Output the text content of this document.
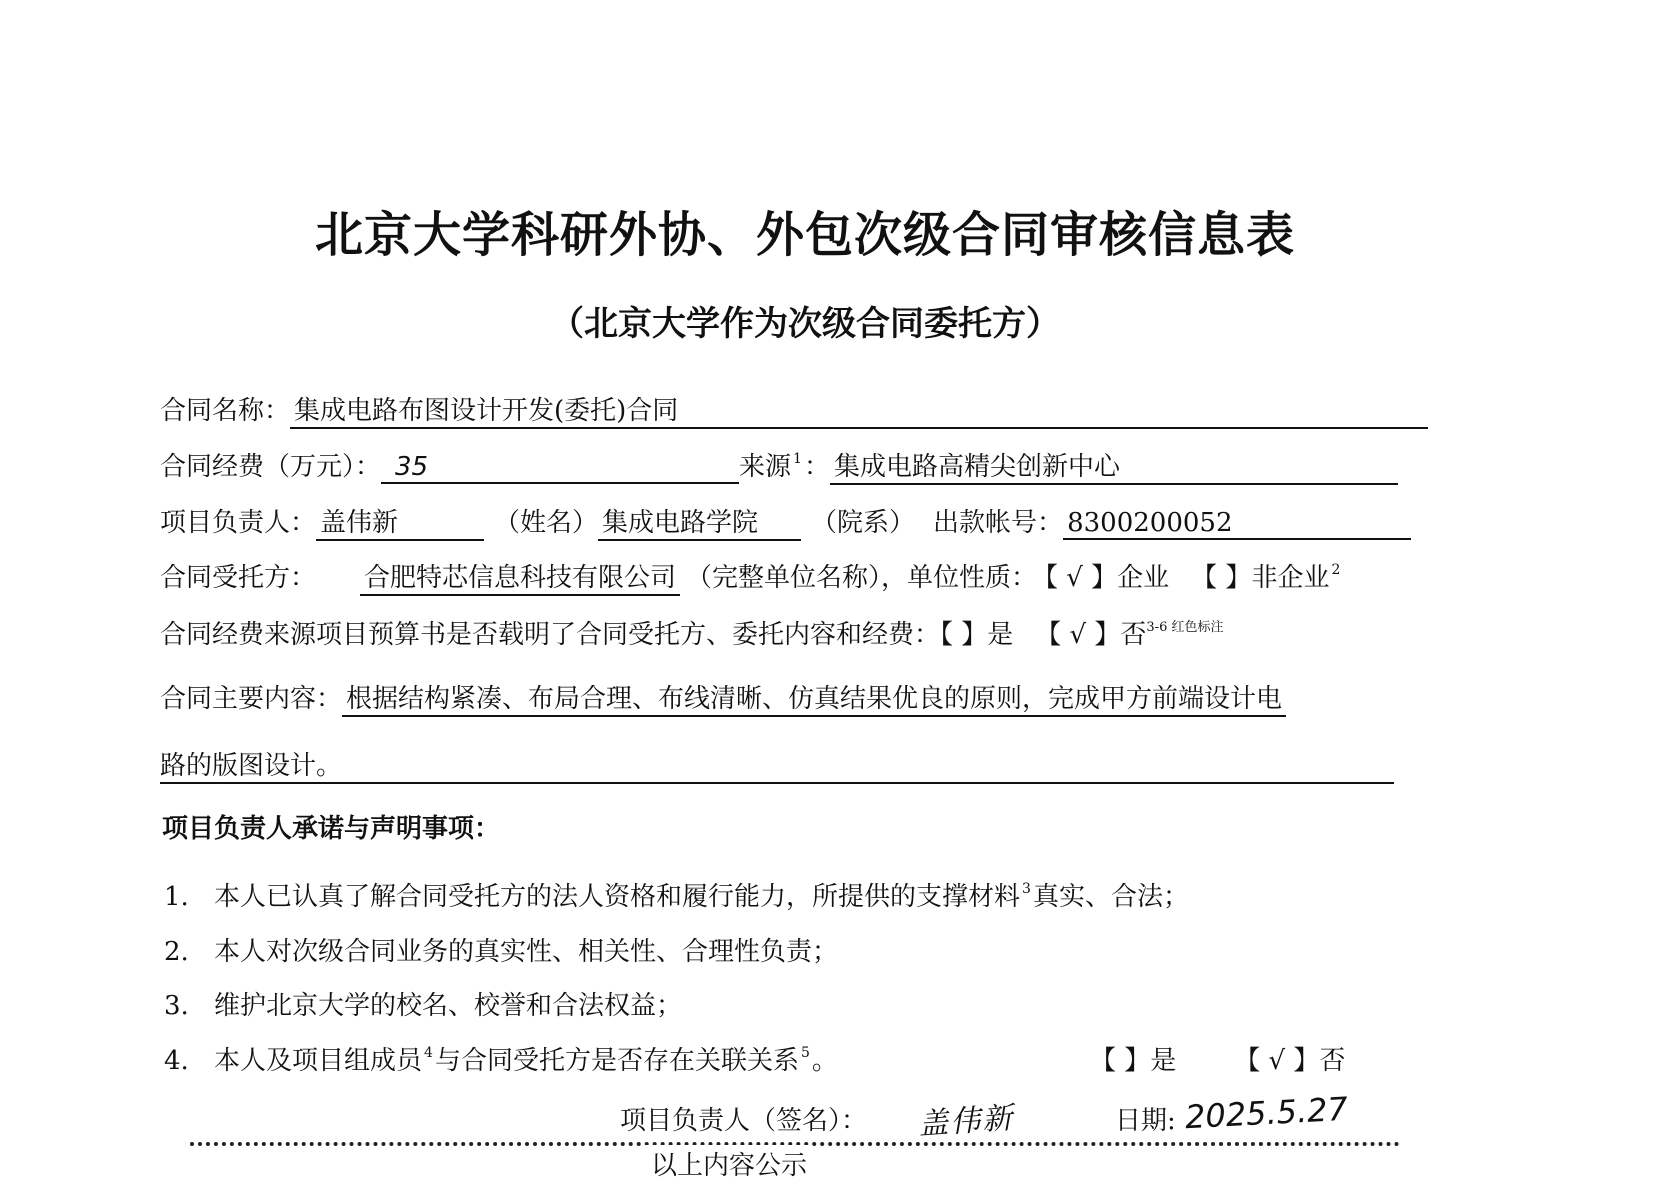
北京大学科研外协、外包次级合同审核信息表
（北京大学作为次级合同委托方）
合同名称： 集成电路布图设计开发(委托)合同
合同经费（万元）： 35	来源 $^1$： 集成电路高精尖创新中心
项目负责人： 盖伟新	（姓名） 集成电路学院 （院系） 出款帐号： 8300200052
合同受托方： 合肥特芯信息科技有限公司 （完整单位名称），单位性质： 【 √ 】企业 【 】非企业 $^2$
合同经费来源项目预算书是否载明了合同受托方、委托内容和经费：【 】是 【 √ 】否$^{3-6 红色标注}$
合同主要内容： 根据结构紧凑、布局合理、布线清晰、仿真结果优良的原则，完成甲方前端设计电
路的版图设计。
项目负责人承诺与声明事项：
1. 本人已认真了解合同受托方的法人资格和履行能力，所提供的支撑材料 $^3$真实、合法；
2. 本人对次级合同业务的真实性、相关性、合理性负责；
3. 维护北京大学的校名、校誉和合法权益；
4. 本人及项目组成员 $^4$与合同受托方是否存在关联关系 $^5$。	【 】是 【 √ 】否
项目负责人（签名）： 盖伟新	日期: 2025.5.27
以上内容公示
